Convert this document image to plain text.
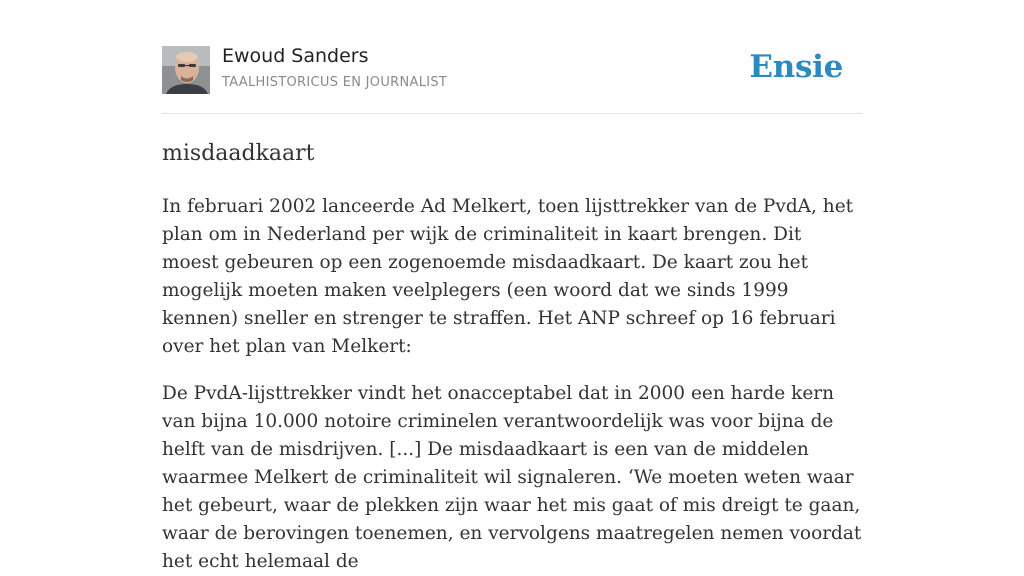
Ewoud Sanders
TAALHISTORICUS EN JOURNALIST	Ensie
misdaadkaart

In februari 2002 lanceerde Ad Melkert, toen lijsttrekker van de PvdA, het plan om in Nederland per wijk de criminaliteit in kaart brengen. Dit moest gebeuren op een zogenoemde misdaadkaart. De kaart zou het mogelijk moeten maken veelplegers (een woord dat we sinds 1999 kennen) sneller en strenger te straffen. Het ANP schreef op 16 februari over het plan van Melkert:

De PvdA-lijsttrekker vindt het onacceptabel dat in 2000 een harde kern van bijna 10.000 notoire criminelen verantwoordelijk was voor bijna de helft van de misdrijven. [...] De misdaadkaart is een van de middelen waarmee Melkert de criminaliteit wil signaleren. ‘We moeten weten waar het gebeurt, waar de plekken zijn waar het mis gaat of mis dreigt te gaan, waar de berovingen toenemen, en vervolgens maatregelen nemen voordat het echt helemaal de
